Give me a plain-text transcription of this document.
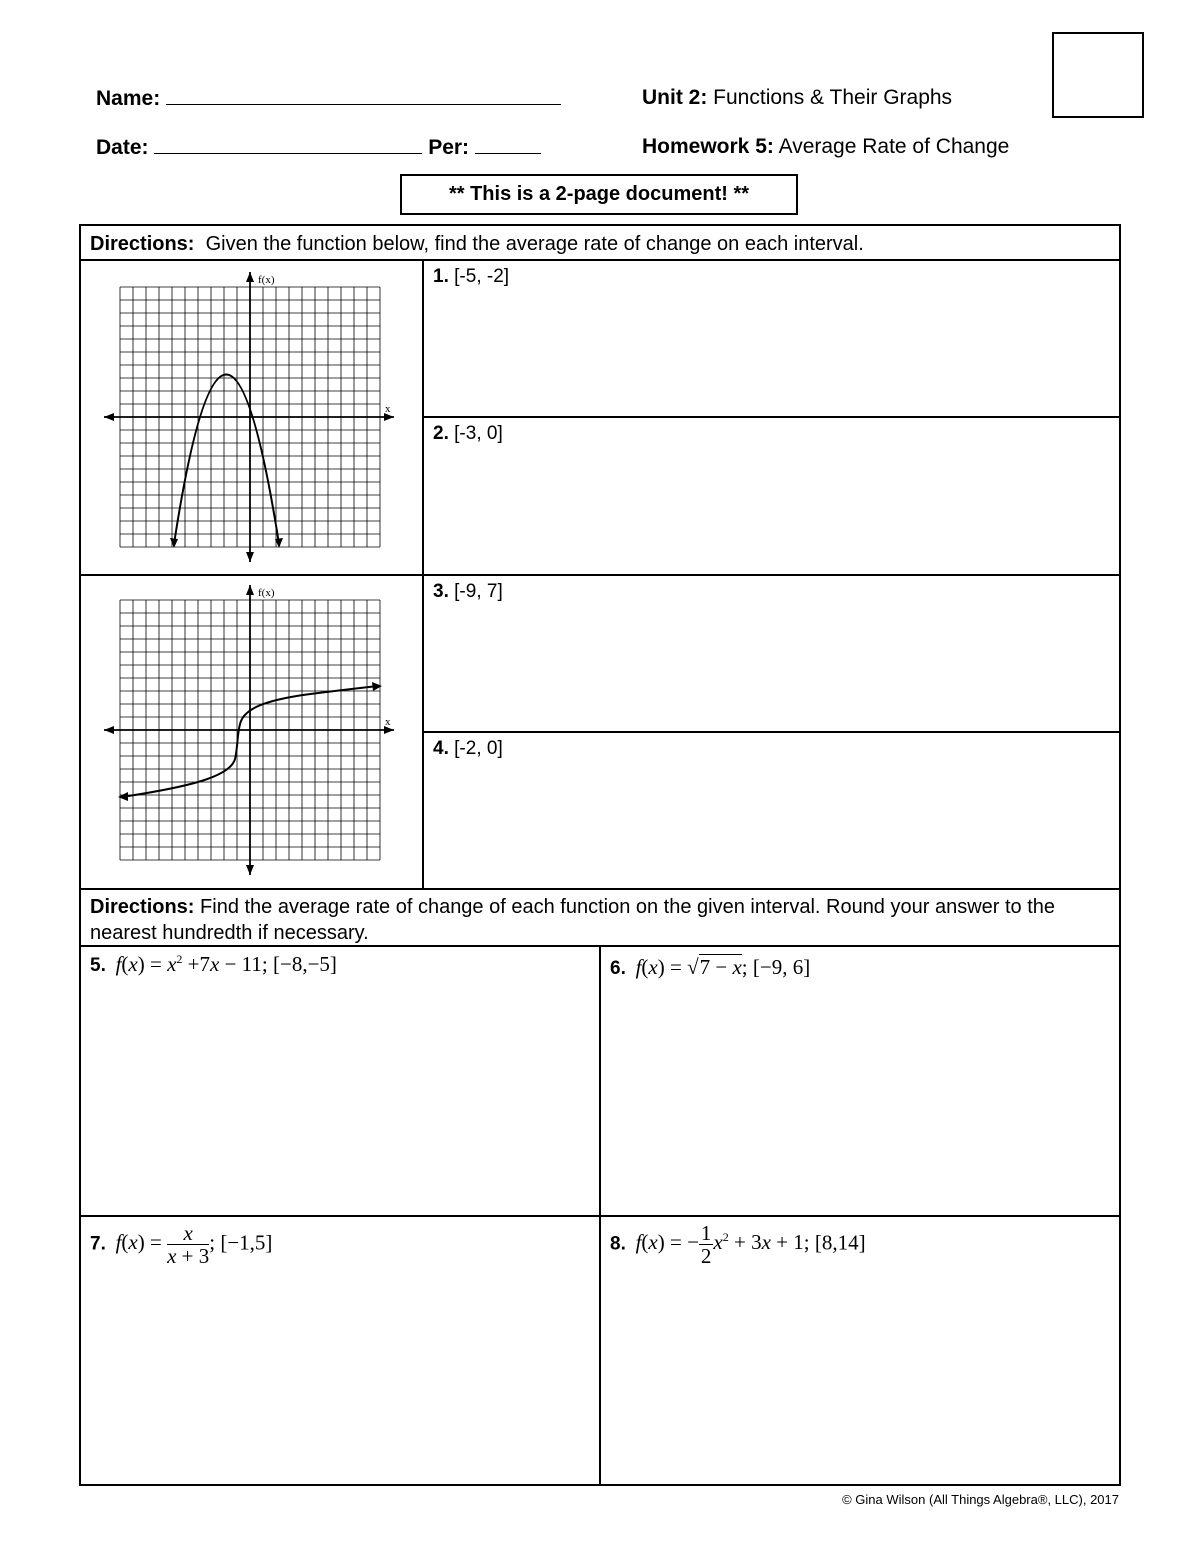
Name:
Date:	Per:
Unit 2: Functions & Their Graphs
Homework 5: Average Rate of Change
** This is a 2-page document! **
Directions: Given the function below, find the average rate of change on each interval.
f(x)
x
f(x)
x
1. [-5, -2]
2. [-3, 0]
3. [-9, 7]
4. [-2, 0]
Directions: Find the average rate of change of each function on the given interval. Round your answer to the nearest hundredth if necessary.
5. $f(x) = x^2 +7x - 11$; [−8,−5]	6. f(x) = √7 − x; [−9, 6]
7. $f(x) = \frac{x}{x + 3}$ ; [−1,5]	8. f(x) = − $\frac{1}{2} x^2 + 3x + 1$; [8,14]
© Gina Wilson (All Things Algebra®, LLC), 2017
